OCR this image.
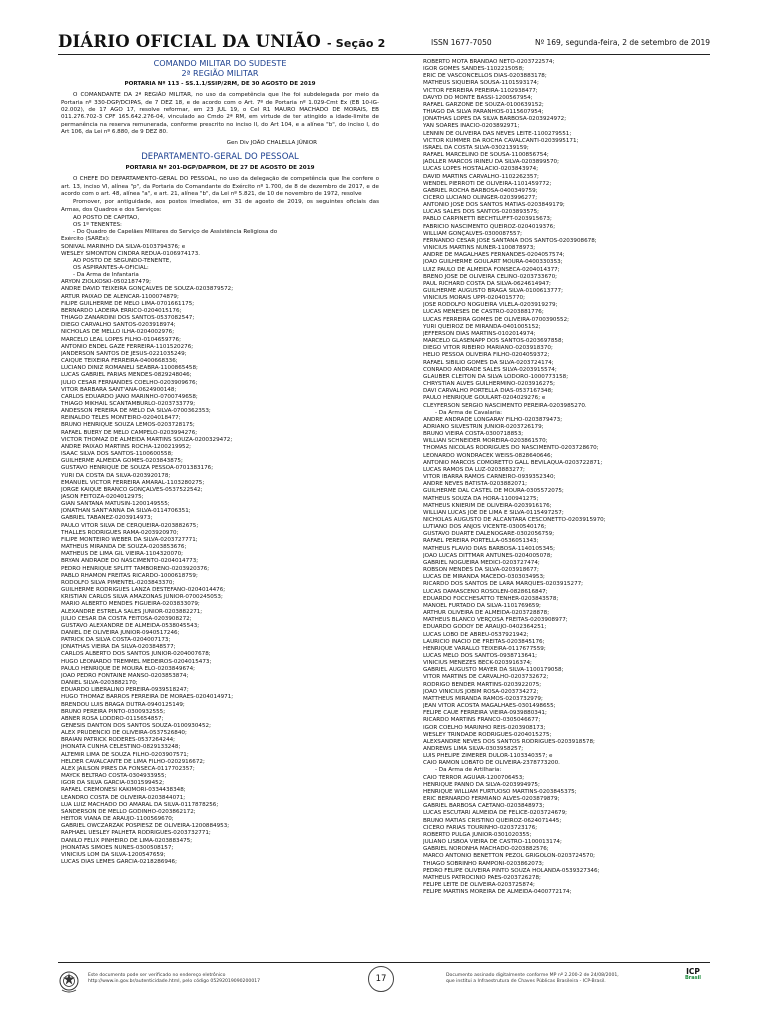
DIÁRIO OFICIAL DA UNIÃO - Seção 2	ISSN 1677-7050	Nº 169, segunda-feira, 2 de setembro de 2019
COMANDO MILITAR DO SUDESTE
2ª REGIÃO MILITAR
PORTARIA Nº 113 - SS.1.1/SSIP/2RM, DE 30 AGOSTO DE 2019
O COMANDANTE DA 2ª REGIÃO MILITAR, no uso da competência que lhe foi subdelegada por meio da Portaria nº 330-DGP/DCIPAS, de 7 DEZ 18, e de acordo com o Art. 7º de Portaria nº 1.029-Cmt Ex (EB 10-IG-02.002), de 17 AGO 17, resolve reformar, em 23 JUL 19, o Cel R1 MAURO MACHADO DE MORAIS, EB 011.276.702-3 CPF 165.642.276-04, vinculado ao Cmdo 2ª RM, em virtude de ter atingido a idade-limite de permanência na reserva remunerada, conforme prescrito no inciso II, do Art 104, e a alínea "b", do inciso I, do Art 106, da Lei nº 6.880, de 9 DEZ 80.
Gen Div JOÃO CHALELLA JÚNIOR
DEPARTAMENTO-GERAL DO PESSOAL
PORTARIA Nº 201-DGP/DAPROM, DE 27 DE AGOSTO DE 2019
O CHEFE DO DEPARTAMENTO-GERAL DO PESSOAL, no uso da delegação de competência que lhe confere o art. 13, inciso VI, alínea "p", da Portaria do Comandante do Exército nº 1.700, de 8 de dezembro de 2017, e de acordo com o art. 48, alínea "a", e art. 21, alínea "b", da Lei nº 5.821, de 10 de novembro de 1972, resolve
Promover, por antiguidade, aos postos imediatos, em 31 de agosto de 2019, os seguintes oficiais das Armas, dos Quadros e dos Serviços:
AO POSTO DE CAPITÃO,
OS 1º TENENTES:
- Do Quadro de Capelães Militares do Serviço de Assistência Religiosa do
Exército (SAREx):
SONIVAL MARINHO DA SILVA-0103794376; e
WESLEY SIMONTON CINDRA RÉDUA-0106974173.
AO POSTO DE SEGUNDO-TENENTE,
OS ASPIRANTES-A-OFICIAL:
- Da Arma de Infantaria
ARYON ZIOLKOSKI-0502187479;
ANDRÉ DAVID TEIXEIRA GONÇALVES DE SOUZA-0203879572;
ARTUR PAIXAO DE ALENCAR-1100074879;
FILIPE GUILHERME DE MELO LIMA-0701661175;
BERNARDO LADEIRA ERRICO-0204015176;
THIAGO ZANARDINI DOS SANTOS-0537082547;
DIEGO CARVALHO SANTOS-0203918974;
NICHOLAS DE MELLO ILHA-0204002976;
MARCELO LEAL LOPES FILHO-0104659776;
ANTONIO ENDEL GAZÉ FERREIRA-1101520276;
JANDERSON SANTOS DE JESUS-0221035249;
CAÍQUE TEIXEIRA FERREIRA-0400668336;
LUCIANO DINIZ ROMANELI SEABRA-1100865458;
LUCAS GABRIEL FARIAS MENDES-0829248046;
JÚLIO CÉSAR FERNANDES COELHO-0203909676;
VITOR BARBARA SANT'ANA-0624900148;
CARLOS EDUARDO JANÓ MARINHO-0700749658;
THIAGO MIKHAIL SCANTAMBURLO-0203733779;
ANDESSON PEREIRA DE MELO DA SILVA-0700362353;
REINALDO TELES MONTEIRO-0204018477;
BRUNO HENRIQUE SOUZA LEMOS-0203728175;
RAFAEL BUERY DE MELO CAMPELO-0203994276;
VICTOR THOMAZ DE ALMEIDA MARTINS SOUZA-0200329472;
ANDRÉ PAIXÃO MARTINS ROCHA-1200219952;
ISAAC SILVA DOS SANTOS-1100600558;
GUILHERME ALMEIDA GOMES-0203843875;
GUSTAVO HENRIQUE DE SOUZA PESSOA-0701383176;
YURI DA COSTA DA SILVA-0203920178;
EMANUEL VICTOR FERREIRA AMARAL-1103280275;
JORGE KAIQUE BRANCO GONÇALVES-0537522542;
JASON FEITOZA-0204012975;
GIAN SANTANA MATUSIN-1200149555;
JONATHAN SANT'ANNA DA SILVA-0114706351;
GABRIEL TABANEZ-0203914973;
PAULO VITOR SILVA DE CERQUEIRA-0203882675;
THALLES RODRIGUES RAMA-0203920970;
FILIPE MONTEIRO WEBER DA SILVA-0203727771;
MATHEUS MIRANDA DE SOUZA-0203853676;
MATHEUS DE LIMA GIL VIEIRA-1104320070;
BRYAN ANDRADE DO NASCIMENTO-0204014773;
PEDRO HENRIQUE SPLITT TAMBORENO-0203920376;
PABLO RHAMON FREITAS RICARDO-1000618759;
RODOLFO SILVA PIMENTEL-0203843370;
GUILHERME RODRIGUES LANZA DESTEFANO-0204014476;
KRISTIAN CARLOS SILVA AMAZONAS JUNIOR-0700245053;
MÁRIO ALBERTO MENDES FIGUEIRA-0203833079;
ALEXANDRE ESTRELA SALES JUNIOR-0203882271;
JÚLIO CÉSAR DA COSTA FEITOSA-0203908272;
GUSTAVO ALEXANDRE DE ALMEIDA-0538045543;
DANIEL DE OLIVEIRA JÚNIOR-0940517246;
PATRICK DA SILVA COSTA-0204007173;
JONATHAS VIEIRA DA SILVA-0203848577;
CARLOS ALBERTO DOS SANTOS JUNIOR-0204007678;
HUGO LEONARDO TREMMEL MEDEIROS-0204015473;
PAULO HENRIQUE DE MOURA ELO-0203849674;
JOÃO PEDRO FONTAINE MANSO-0203853874;
DANIEL SILVA-0203882170;
EDUARDO LIBERALINO PEREIRA-0939518247;
HUGO THOMAZ BARROS FERREIRA DE MORAES-0204014971;
BRÊNDOU LUÍS BRAGA DUTRA-0940125149;
BRUNO PEREIRA PINTO-0300932555;
ÁBNER ROSA LODDRO-0115654857;
GÊNESIS DANTON DOS SANTOS SOUZA-0100930452;
ALEX PRUDÊNCIO DE OLIVEIRA-0537526840;
BRAIAN PATRICK RODERES-0537264244;
JHONATA CUNHA CELESTINO-0829133248;
ALTEMIR LIMA DE SOUZA FILHO-0203907571;
HÉLDER CAVALCANTE DE LIMA FILHO-0202916672;
ALEX JAILSON PIRES DA FONSECA-0117702357;
MAYCK BELTRÃO COSTA-0304933955;
ÍGOR DA SILVA GARCIA-0301599452;
RAFAEL CREMONESI KAKIMORI-0334438348;
LEANDRO COSTA DE OLIVEIRA-0203844071;
LUÃ LUIZ MACHADO DO AMARAL DA SILVA-0117878256;
SANDERSON DE MELLO GODINHO-0203862172;
HEITOR VIANA DE ARAÚJO-1100569670;
GABRIEL OWCZARZAK POSPIESZ DE OLIVEIRA-1200884953;
RAPHAEL UÉSLEY PALHETA RODRIGUES-0203732771;
DANILO FÉLIX PINHEIRO DE LIMA-0203883475;
JHONATAS SIMÕES NUNES-0300508157;
VINÍCIUS LOM DA SILVA-1200547659;
LUCAS DIAS LEMES GARCIA-0218286946;
ROBERTO MOTA BRANDÃO NETO-0203722574;
IGOR GOMES SANDES-1102215058;
ERIC DE VASCONCELLOS DIAS-0203883178;
MATHEUS SIQUEIRA SOUSA-1101593174;
VICTOR FERREIRA PEREIRA-1102938477;
DAVYD DO MONTE BASSI-1200567954;
RAFAEL GARZONE DE SOUZA-0100639152;
THIAGO DA SILVA PARANHOS-0115607954;
JONATHAS LOPES DA SILVA BARBOSA-0203924972;
YAN SOARES INACIO-0203892971;
LENNIN DE OLIVEIRA DAS NEVES LEITE-1100279551;
VICTOR KUMMER DA ROCHA CAVALCANTI-0203995171;
ISRAEL DA COSTA SILVA-0302139159;
RAFAEL MARCELINO DE SOUSA-1100856754;
JADLLER MARCOS IRINEU DA SILVA-0203899570;
LUCAS LOPES HOSTALÁCIO-0203843974;
DAVID MARTINS CARVALHO-1102262357;
WENDEL PIERROTI DE OLIVEIRA-1101459772;
GABRIEL ROCHA BARBOSA-0400349759;
CÍCERO LUCIANO OLINGER-0203996277;
ANTONIO JOSÉ DOS SANTOS MATIAS-0203849179;
LUCAS SALES DOS SANTOS-0203893575;
PABLO CARPINETTI BECHTLUFFT-0203915673;
FABRÍCIO NASCIMENTO QUEIROZ-0204019376;
WILLIAM GONÇALVES-0300087557;
FERNANDO CÉSAR JOSÉ SANTANA DOS SANTOS-0203908678;
VINÍCIUS MARTINS NUNER-1100878973;
ANDRÉ DE MAGALHÃES FERNANDES-0204057574;
JOÃO GUILHERME GOULART MOURA-0400330353;
LUIZ PAULO DE ALMEIDA FONSECA-0204014377;
BRENO JOSÉ DE OLIVEIRA CELINO-0203733670;
PAUL RICHARD COSTA DA SILVA-0624614947;
GUILHERME AUGUSTO BRAGA SILVA-0100613777;
VINICIUS MORAIS UPPI-0204015770;
JOSÉ RODOLFO NOGUEIRA VILELA-0203919279;
LUCAS MENESES DE CASTRO-0203881776;
LUCAS FERREIRA GOMES DE OLIVEIRA-0700390552;
YURI QUEIROZ DE MIRANDA-0401005152;
JEFFERSON DIAS MARTINS-0102014974;
MARCELO GLASENAPP DOS SANTOS-0203697858;
DIEGO VITOR RIBEIRO MARIANO-0203918370;
HÉLIO PESSOA OLIVEIRA FILHO-0204059372;
RAFAEL SIBILIO GOMES DA SILVA-0203724174;
CONRADO ANDRADE SALES SILVA-0203915574;
GLAUBER CLEITON DA SILVA LODORO-1000773158;
CHRYSTIAN ALVES GUILHERMINO-0203916275;
DAVI CARVALHO PORTELLA DIAS-0537167348;
PAULO HENRIQUE GOULART-0204029276; e
CLEYFERSON SÉRGIO NASCIMENTO PEREIRA-0203985270.
- Da Arma de Cavalaria:
ANDRÉ ANDRADE LONGARAY FILHO-0203879473;
ADRIANO SILVESTRIN JÚNIOR-0203726179;
BRUNO VIEIRA COSTA-0300718853;
WILLIAN SCHNEIDER MOREIRA-0203861570;
THOMAS NICOLAS RODRIGUES DO NASCIMENTO-0203728670;
LEONARDO WONDRACEK WEISS-0828640646;
ANTÔNIO MARCOS COMORETTO GALL BEVILÁQUA-0203722871;
LUCAS RAMOS DA LUZ-0203883277;
VÍTOR IBARRA RAMOS CARNEIRO-0939352340;
ANDRÉ NEVES BATISTA-0203882071;
GUILHERME DAL CASTEL DE MOURA-0305572075;
MATHEUS SOUZA DA HORA-1100941275;
MATHEUS KNIERIM DE OLIVEIRA-0203916176;
WILLIAN LUCAS JOÉ DE LIMA E SILVA-0115497257;
NICHOLAS AUGUSTO DE ALCÂNTARA CESCONETTO-0203915970;
LUTIANO DOS ANJOS VICENTE-0300540176;
GUSTAVO DUARTE DALENOGARE-0302056759;
RAFAEL PEREIRA PORTELLA-0536051343;
MATHEUS FLÁVIO DIAS BARBOSA-1140105345;
JOÃO LUCAS DITTMAR ANTUNES-0204005078;
GABRIEL NOGUEIRA MÉDICI-0203727474;
ROBSON MENDES DA SILVA-0203918677;
LUCAS DE MIRANDA MACEDO-0303034953;
RICARDO DOS SANTOS DE LARA MARQUES-0203915277;
LUCAS DAMASCENO ROSOLEN-0828616847;
EDUARDO FOCCHESATTO TENHER-0203843578;
MANOEL FURTADO DA SILVA-1101769659;
ARTHUR OLIVEIRA DE ALMEIDA-0203728878;
MATHEUS BLANCO VERÇOSA FREITAS-0203908977;
EDUARDO GODOY DE ARAÚJO-0402364251;
LUCAS LÔBO DE ABREU-0537921942;
LAURÍCIO INACIO DE FREITAS-0203845176;
HENRIQUE VARALLO TEIXEIRA-0117677559;
LUCAS MELO DOS SANTOS-0938713641;
VINÍCIUS MENEZES BECK-0203916374;
GABRIEL AUGUSTO MAYER DA SILVA-1100179058;
VÍTOR MARTINS DE CARVALHO-0203732672;
RODRIGO BENDER MARTINS-0203922075;
JOÃO VINÍCIUS JOBIM ROSA-0203734272;
MATTHEUS MIRANDA RAMOS-0203732979;
JEAN VITOR ACOSTA MAGALHÃES-0301498655;
FELIPE CAUÊ FERREIRA VIEIRA-0939880341;
RICARDO MARTINS FRANCO-0305046677;
IGOR COELHO MARINHO REIS-0203908173;
WESLEY TRINDADE RODRIGUES-0204015275;
ALEXSANDRE NEVES DOS SANTOS RODRIGUES-0203918578;
ANDREWS LIMA SILVA-0303958257;
LUÍS PHELIPE ZIMERER DULOR-1103340357; e
CAIO RAMON LOBATO DE OLIVEIRA-2378773200.
- Da Arma de Artilharia:
CAIO TERROR AGUIAR-1200706453;
HENRIQUE PANNO DA SILVA-0203994975;
HENRIQUE WILLIAM FURTUOSO MARTINS-0203845375;
ERIC BERNARDO FERMIANO ALVES-0203879879;
GABRIEL BARBOSA CAETANO-0203848973;
LUCAS ESCUTARI ALMEIDA DE FELICE-0203724679;
BRUNO MATIAS CRISTINO QUEIROZ-0624071445;
CÍCERO FARIAS TOURINHO-0203723176;
ROBERTO PULGA JÚNIOR-0301020355;
JULIANO LISBOA VIEIRA DE CASTRO-1100013174;
GABRIEL NORONHA MACHADO-0203882576;
MARCO ANTONIO BENETTON PEZOL GRIGOLON-0203724570;
THIAGO SOBRINHO RAMPONI-0203862073;
PEDRO FELIPE OLIVEIRA PINTO SOUZA HOLANDA-0539327346;
MATHEUS PATROCÍNIO PAES-0203726278;
FELIPE LEITE DE OLIVEIRA-0203725874;
FELIPE MARTINS MOREIRA DE ALMEIDA-0400772174;
Este documento pode ser verificado no endereço eletrônico
http://www.in.gov.br/autenticidade.html, pelo código 05292019090200017	17	Documento assinado digitalmente conforme MP nº 2.200-2 de 24/08/2001,
que institui a Infraestrutura de Chaves Públicas Brasileira - ICP-Brasil.
ICP
Brasil
